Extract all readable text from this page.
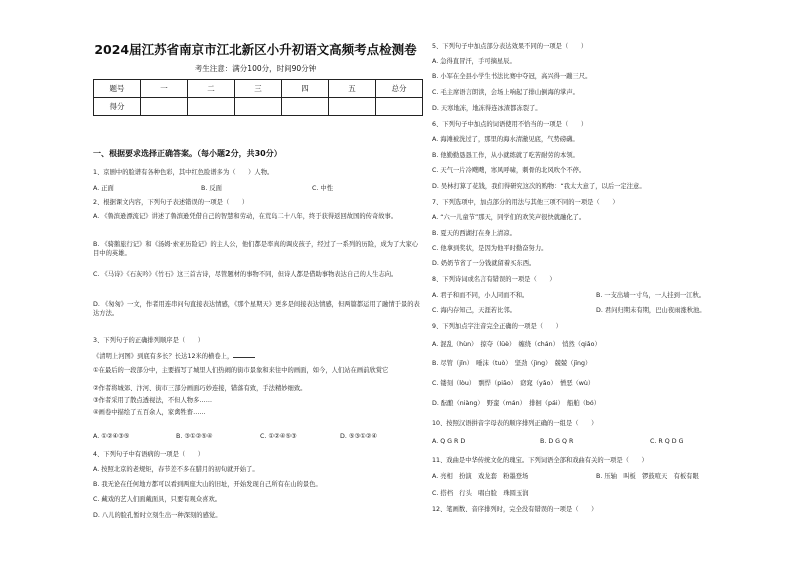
2024届江苏省南京市江北新区小升初语文高频考点检测卷
考生注意：满分100分，时间90分钟
题号	一	二	三	四	五	总分
得分						
一、根据要求选择正确答案。（每小题2分，共30分）
1、京剧中的脸谱有各种色彩，其中红色脸谱多为（　　）人物。
A. 正面	B. 反面	C. 中性
2、根据课文内容，下列句子表述错误的一项是（　　）
A. 《鲁滨逊漂流记》讲述了鲁滨逊凭借自己的智慧和劳动，在荒岛二十八年，终于获得返回故国的传奇故事。
B. 《骑鹅旅行记》和《汤姆·索亚历险记》的主人公，他们都是率真的调皮孩子，经过了一系列的历险，成为了大家心目中的英雄。
C. 《马诗》《石灰吟》《竹石》这三首古诗，尽管题材的事物不同，但诗人都是借助事物表达自己的人生志向。
D. 《匆匆》一文，作者用连串问句直接表达情感，《那个星期天》更多是间接表达情感，但两篇都运用了融情于景的表达方法。
3、下列句子的正确排列顺序是（　　）
《清明上河图》到底有多长？长达12米的横卷上，
①在最后的一段部分中，主要描写了城里人们热闹的街市景象和来往中的画面，如今，人们站在画前欣赏它
②作者将城郊、汴河、街市三部分画面巧妙连接，错落有致，手法精妙细致。
③作者采用了散点透视法，不但人物多……
④画卷中描绘了五百余人，家禽牲畜……
A. ①②④③⑤	B. ③①②⑤④	C. ①②④⑤③	D. ⑤③①②④
4、下列句子中有语病的一项是（　　）
A. 按照北京的老规矩，春节差不多在腊月的初旬就开始了。
B. 我无论在任何地方都可以看到两座大山的旧址，开始发现自己所有在山的景色。
C. 藏戏的艺人们面戴面具，只要有观众喜欢。
D. 八儿的脸孔暂时立刻生出一种深刻的感觉。
5、下列句子中加点部分表达效果不同的一项是（　　）
A. 急得直冒汗，手可摘星辰。
B. 小军在全县小学生书法比赛中夺冠，高兴得一蹦三尺。
C. 毛主席语言朗读，会场上响起了排山倒海的掌声。
D. 天寒地冻，地冻得连冰渣都冻裂了。
6、下列句子中加点的词语使用不恰当的一项是（　　）
A. 海滩被洗过了，那里的海水清澈见底，气势磅礴。
B. 他勤勤恳恳工作，从小就练就了吃苦耐劳的本领。
C. 天气一片冷飕飕，寒风呼啸，刺骨的北风吹个不停。
D. 吴林打算了花钱，我们得研究这次的购物：“我太大意了，以后一定注意。
7、下列选项中，加点部分的用法与其他三项不同的一项是（　　）
A. “六一儿童节”那天，同学们的欢笑声很快就融化了。
B. 夏天的西湖打在身上清凉。
C. 他拿到奖状，是因为他平时勤奋努力。
D. 奶奶节省了一分钱就留着买东西。
8、下列诗词或名言有错误的一项是（　　）
A. 君子和而不同，小人同而不和。	B. 一支出墙一寸鸟，一人挂到一江秋。
C. 海内存知己，天涯若比邻。	D. 君问归期未有期，巴山夜雨涨秋池。
9、下列加点字注音完全正确的一项是（　　）
A. 混乱（hùn）　掠夺（lüè）　缠绕（chán）　悄然（qiǎo）
B. 尽管（jǐn）　唾沫（tuò）　坚劲（jìng）　兢兢（jīng）
C. 镂刻（lòu）　剽悍（piāo）　窈窕（yǎo）　憎恶（wù）
D. 酝酿（niàng）　野蛮（mán）　排徊（pái）　船舶（bó）
10、按照汉语拼音字母表的顺序排列正确的一组是（　　）
A. Q G R D	B. D G Q R	C. R Q D G
11、戏曲是中华传统文化的瑰宝。下列词语全部和戏曲有关的一项是（　　）
A. 亮相　扮演　戏龙套　粉墨登场	B. 压轴　叫板　锣鼓喧天　有板有眼
C. 搭档　行头　唱白脸　珠圆玉润
12、笔画数、音序排列时，完全没有错误的一项是（　　）
